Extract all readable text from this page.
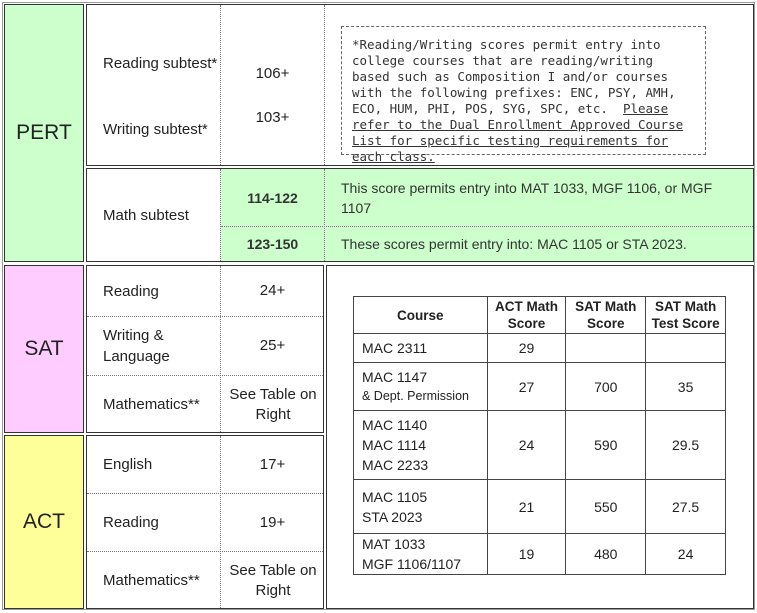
PERT
Reading subtest*
106+
Writing subtest*
103+
*Reading/Writing scores permit entry into college courses that are reading/writing based such as Composition I and/or courses with the following prefixes: ENC, PSY, AMH, ECO, HUM, PHI, POS, SYG, SPC, etc. Please refer to the Dual Enrollment Approved Course List for specific testing requirements for each class.
Math subtest
114-122
This score permits entry into MAT 1033, MGF 1106, or MGF 1107
123-150	These scores permit entry into: MAC 1105 or STA 2023.
SAT
Reading	24+
Writing & Language
25+
Mathematics**
See Table on Right
ACT
English	17+
Reading	19+
Mathematics**
See Table on Right
Course	ACT Math Score	SAT Math Score	SAT Math Test Score
MAC 2311	29		
MAC 1147
& Dept. Permission	27	700	35
MAC 1140
MAC 1114
MAC 2233	24	590	29.5
MAC 1105
STA 2023	21	550	27.5
MAT 1033
MGF 1106/1107	19	480	24
